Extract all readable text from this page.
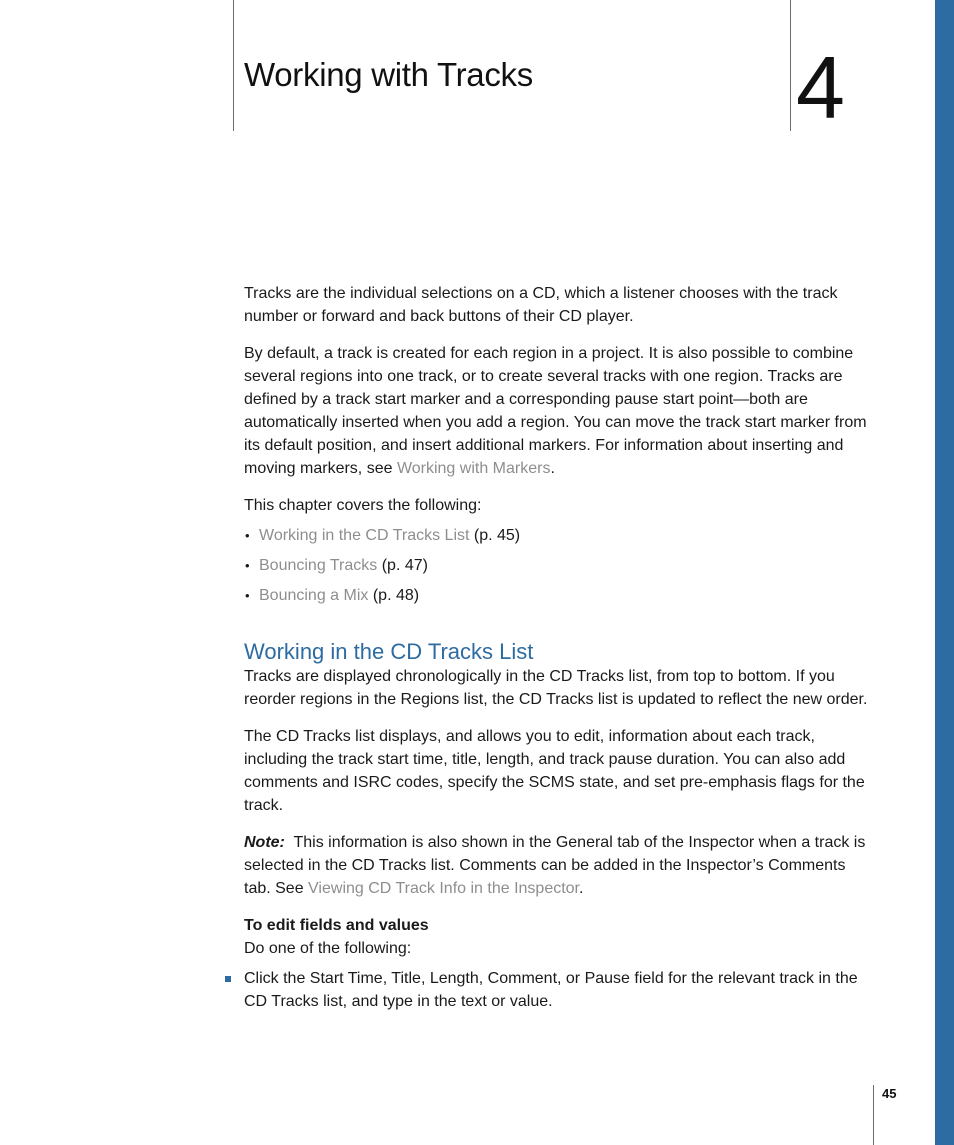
Working with Tracks	4

Tracks are the individual selections on a CD, which a listener chooses with the track number or forward and back buttons of their CD player.

By default, a track is created for each region in a project. It is also possible to combine several regions into one track, or to create several tracks with one region. Tracks are defined by a track start marker and a corresponding pause start point—both are automatically inserted when you add a region. You can move the track start marker from its default position, and insert additional markers. For information about inserting and moving markers, see Working with Markers.

This chapter covers the following:

• Working in the CD Tracks List (p. 45)
• Bouncing Tracks (p. 47)
• Bouncing a Mix (p. 48)
Working in the CD Tracks List

Tracks are displayed chronologically in the CD Tracks list, from top to bottom. If you reorder regions in the Regions list, the CD Tracks list is updated to reflect the new order.

The CD Tracks list displays, and allows you to edit, information about each track, including the track start time, title, length, and track pause duration. You can also add comments and ISRC codes, specify the SCMS state, and set pre-emphasis flags for the track.

Note:  This information is also shown in the General tab of the Inspector when a track is selected in the CD Tracks list. Comments can be added in the Inspector’s Comments tab. See Viewing CD Track Info in the Inspector.

To edit fields and values
Do one of the following:
Click the Start Time, Title, Length, Comment, or Pause field for the relevant track in the CD Tracks list, and type in the text or value.
45
